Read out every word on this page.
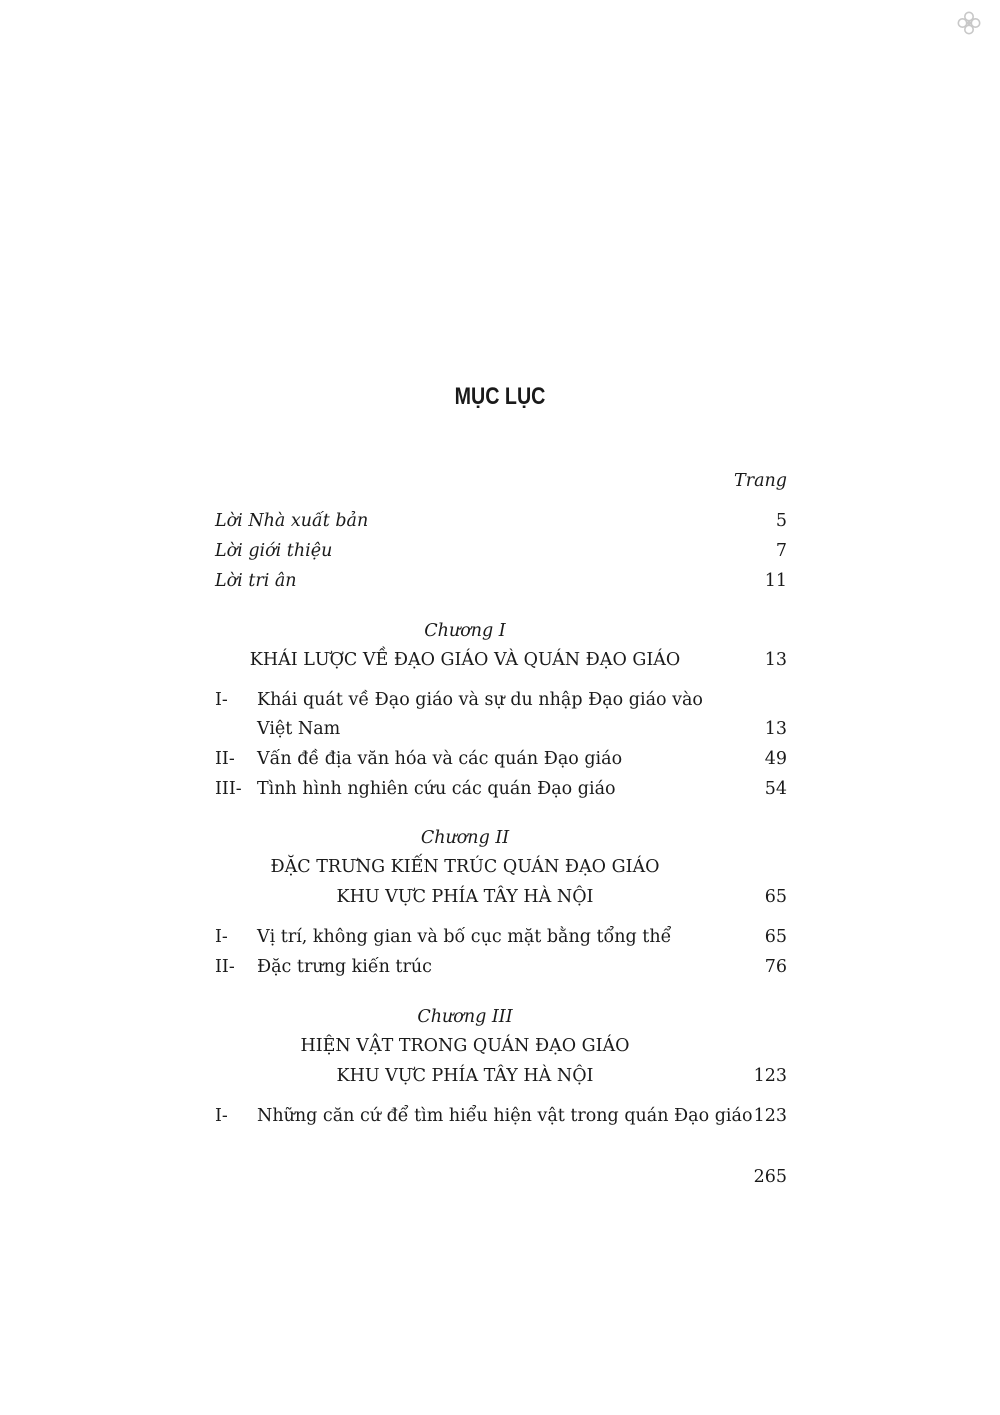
MỤC LỤC
Trang
Lời Nhà xuất bản	5
Lời giới thiệu	7
Lời tri ân	11
Chương I
KHÁI LƯỢC VỀ ĐẠO GIÁO VÀ QUÁN ĐẠO GIÁO	13
I- Khái quát về Đạo giáo và sự du nhập Đạo giáo vào
Việt Nam	13
II- Vấn đề địa văn hóa và các quán Đạo giáo	49
III- Tình hình nghiên cứu các quán Đạo giáo	54
Chương II
ĐẶC TRƯNG KIẾN TRÚC QUÁN ĐẠO GIÁO
KHU VỰC PHÍA TÂY HÀ NỘI	65
I- Vị trí, không gian và bố cục mặt bằng tổng thể	65
II- Đặc trưng kiến trúc	76
Chương III
HIỆN VẬT TRONG QUÁN ĐẠO GIÁO
KHU VỰC PHÍA TÂY HÀ NỘI	123
I- Những căn cứ để tìm hiểu hiện vật trong quán Đạo giáo 123
265
